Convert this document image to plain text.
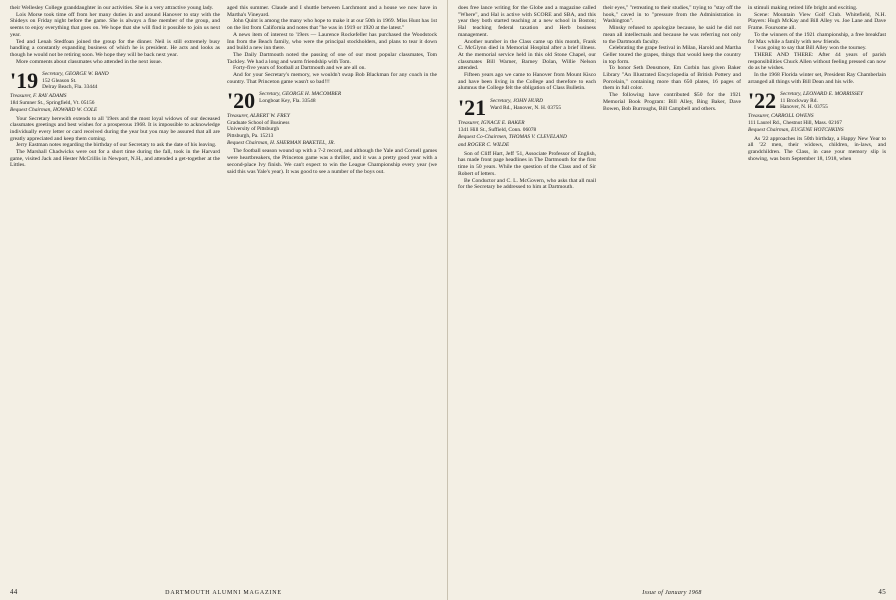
their Wellesley College granddaughter in our activities. She is a very attractive young lady.

Lois Morse took time off from her many duties in and around Hanover to stay with the Shideys on Friday night before the game. She is always a fine member of the group, and seems to enjoy everything that goes on. We hope that she will find it possible to join us next year.

Ted and Lenah Stedfoan joined the group for the dinner. Neil is still extremely busy handling a constantly expanding business of which he is president. He acts and looks as though he would not be retiring soon. We hope they will be back next year.

More comments about classmates who attended in the next issue.

'19 Secretary, GEORGE W. BAND
152 Gleason St.
Delray Beach, Fla. 33444
Treasurer, F. RAY ADAMS
184 Sumner St., Springfield, Vt. 05156
Bequest Chairman, HOWARD W. COLE

Your Secretary herewith extends to all '19ers and the most loyal widows of our deceased classmates greetings and best wishes for a prosperous 1968. It is impossible to acknowledge individually every letter or card received during the year but you may be assured that all are greatly appreciated and keep them coming.

Jerry Eastman notes regarding the birthday of our Secretary to ask the date of his leaving.

The Marshall Chadwicks were out for a short time during the fall, took in the Harvard game, visited Jack and Hester McCrillis in Newport, N.H., and attended a get-together at the Littles.

aged this summer. Claude and I shuttle between Larchmont and a house we now have in Martha's Vineyard.

John Quint is among the many who hope to make it at our 50th in 1969. Miss Hunt has 1st on the list from California and notes that "he was in 1919 or 1920 at the latest."

A news item of interest to '19ers — Laurence Rockefeller has purchased the Woodstock Inn from the Beach family, who were the principal stockholders, and plans to tear it down and build a new inn there.

The Daily Dartmouth noted the passing of one of our most popular classmates, Tom Tackley. We had a long and warm friendship with Tom.

Forty-five years of football at Dartmouth and we are all on.

And for your Secretary's memory, we wouldn't swap Bob Blackman for any coach in the country. That Princeton game wasn't so bad!!!

'20 Secretary, GEORGE H. MACOMBER
Longboat Key, Fla. 33548
Treasurer, ALBERT W. FREY
Graduate School of Business
University of Pittsburgh
Pittsburgh, Pa. 15213
Bequest Chairman, H. SHERMAN BAKETEL, JR.

The football season wound up with a 7-2 record, and although the Yale and Cornell games were heartbreakers, the Princeton game was a thriller, and it was a pretty good year with a second-place Ivy finish. We can't expect to win the League Championship every year (we said this was Yale's year). It was good to see a number of the boys out.

44	DARTMOUTH ALUMNI MAGAZINE

does free lance writing for the Globe and a magazine called "Where", and Hal is active with SCORE and SBA, and this year they both started teaching at a new school in Boston; Hal teaching federal taxation and Herb business management.

Another number in the Class came up this month, Frank C. McGlynn died in Memorial Hospital after a brief illness. At the memorial service held in this old Stone Chapel, our classmates Bill Warner, Barney Dolan, Willie Nelson attended.

Fifteen years ago we came to Hanover from Mount Kisco and have been living in the College and therefore to each alumnus the College felt the obligation of Class Bulletin.

'21 Secretary, JOHN HURD
Ward Rd., Hanover, N. H. 03755
Treasurer, IGNACE E. BAKER
1341 Hill St., Suffield, Conn. 06078
Bequest Co-Chairmen, THOMAS V. CLEVELAND
and ROGER C. WILDE

Son of Cliff Hart, Jeff '51, Associate Professor of English, has made front page headlines in The Dartmouth for the first time in 50 years. While the question of the Class and of Sir Robert of letters.

Be Conductor and C. L. McGovern, who asks that all mail for the Secretary be addressed to him at Dartmouth.

their eyes," "retreating to their studies," trying to "stay off the hook," caved in to "pressure from the Administration in Washington".

Minsky refused to apologize because, he said he did not mean all intellectuals and because he was referring not only to the Dartmouth faculty.

Celebrating the grape festival in Milan, Harold and Martha Geller toured the grapes, things that would keep the country in top form.

To honor Seth Densmore, Em Corbin has given Baker Library "An Illustrated Encyclopedia of British Pottery and Porcelain," containing more than 650 plates, 16 pages of them in full color.

The following have contributed $50 for the 1921 Memorial Book Program: Bill Alley, Bing Baker, Dave Bowen, Bob Burroughs, Bill Campbell and others.

in stimuli making retired life bright and exciting.

Scene: Mountain View Golf Club. Whitefield, N.H. Players: Hugh McKay and Bill Alley vs. Joe Lane and Dave Frame. Foursome all.

To the winners of the 1921 championship, a free breakfast for Max while a family with new friends.

I was going to say that Bill Alley won the tourney.

THERE AND THERE: After 44 years of parish responsibilities Chuck Allen without feeling pressed can now do as he wishes.

In the 1968 Florida winter set, President Ray Chamberlain arranged all things with Bill Dean and his wife.

'22 Secretary, LEONARD E. MORRISSEY
11 Brockway Rd.
Hanover, N. H. 03755
Treasurer, CARROLL OWENS
111 Laurel Rd., Chestnut Hill, Mass. 02167
Bequest Chairman, EUGENE HOTCHKINS

As '22 approaches its 50th birthday, a Happy New Year to all '22 men, their widows, children, in-laws, and grandchildren. The Class, in case your memory slip is showing, was born September 18, 1918, when

Issue of January 1968	45
